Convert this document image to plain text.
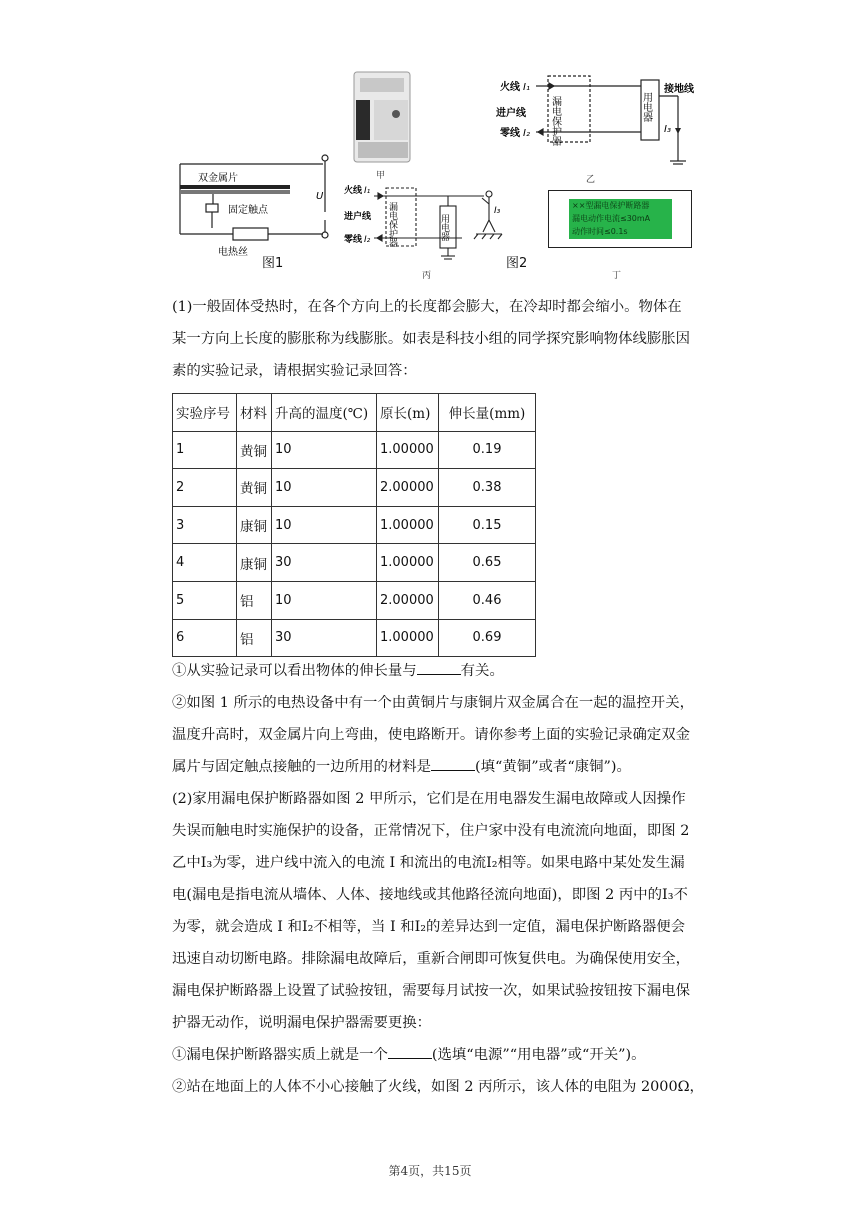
双金属片
固定触点
电热丝
U
图1
甲
火线 I₁
进户线
零线 I₂ 漏电保护器	用电器
接地线
I₃
乙
火线 I₁
进户线
零线 I₂ 漏电保护器	用电器
I₃
丙
图2
××型漏电保护断路器
漏电动作电流≤30mA
动作时间≤0.1s
丁
(1)一般固体受热时，在各个方向上的长度都会膨大，在冷却时都会缩小。物体在
某一方向上长度的膨胀称为线膨胀。如表是科技小组的同学探究影响物体线膨胀因
素的实验记录，请根据实验记录回答：
实验序号	材料	升高的温度(℃)	原长(m)	伸长量(mm)
1	黄铜	10	1.00000	0.19
2	黄铜	10	2.00000	0.38
3	康铜	10	1.00000	0.15
4	康铜	30	1.00000	0.65
5	铝	10	2.00000	0.46
6	铝	30	1.00000	0.69
①从实验记录可以看出物体的伸长量与	有关。
②如图 1 所示的电热设备中有一个由黄铜片与康铜片双金属合在一起的温控开关，
温度升高时，双金属片向上弯曲，使电路断开。请你参考上面的实验记录确定双金
属片与固定触点接触的一边所用的材料是	(填“黄铜”或者“康铜”)。
(2)家用漏电保护断路器如图 2 甲所示，它们是在用电器发生漏电故障或人因操作
失误而触电时实施保护的设备，正常情况下，住户家中没有电流流向地面，即图 2
乙中I₃为零，进户线中流入的电流 I 和流出的电流I₂相等。如果电路中某处发生漏
电(漏电是指电流从墙体、人体、接地线或其他路径流向地面)，即图 2 丙中的I₃不
为零，就会造成 I 和I₂不相等，当 I 和I₂的差异达到一定值，漏电保护断路器便会
迅速自动切断电路。排除漏电故障后，重新合闸即可恢复供电。为确保使用安全，
漏电保护断路器上设置了试验按钮，需要每月试按一次，如果试验按钮按下漏电保
护器无动作，说明漏电保护器需要更换：
①漏电保护断路器实质上就是一个	(选填“电源”“用电器”或“开关”)。
②站在地面上的人体不小心接触了火线，如图 2 丙所示，该人体的电阻为 2000Ω，
第4页，共15页
